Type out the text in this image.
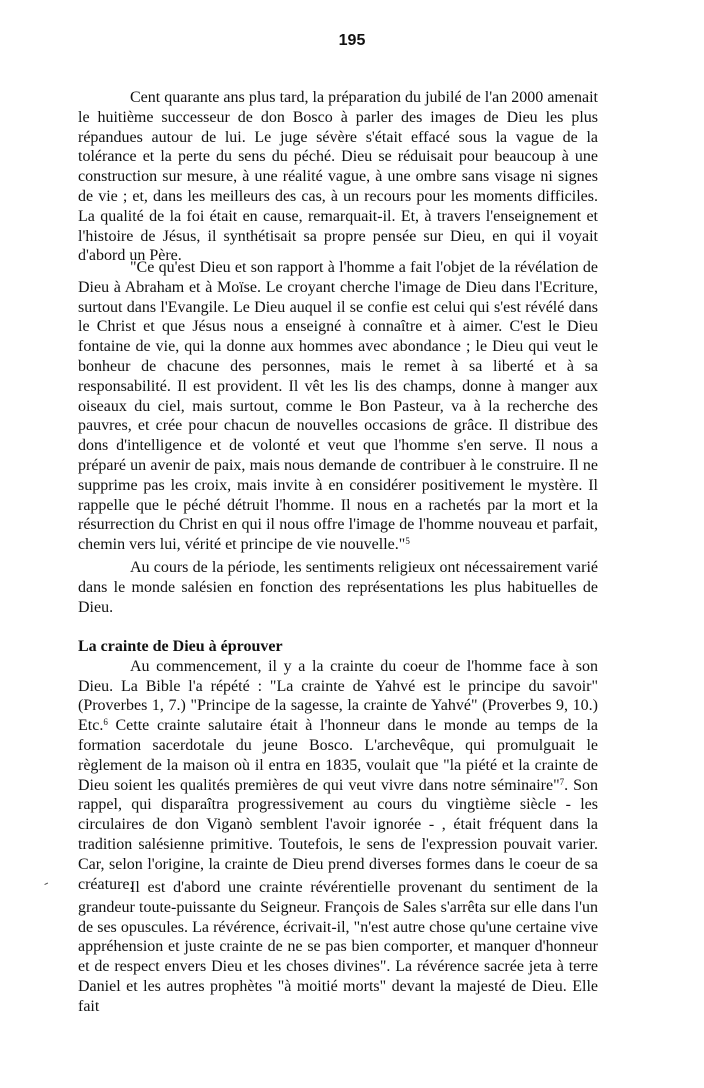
195
-

Cent quarante ans plus tard, la préparation du jubilé de l'an 2000 amenait le huitième successeur de don Bosco à parler des images de Dieu les plus répandues autour de lui. Le juge sévère s'était effacé sous la vague de la tolérance et la perte du sens du péché. Dieu se réduisait pour beaucoup à une construction sur mesure, à une réalité vague, à une ombre sans visage ni signes de vie ; et, dans les meilleurs des cas, à un recours pour les moments difficiles. La qualité de la foi était en cause, remarquait-il. Et, à travers l'enseignement et l'histoire de Jésus, il synthétisait sa propre pensée sur Dieu, en qui il voyait d'abord un Père.

"Ce qu'est Dieu et son rapport à l'homme a fait l'objet de la révélation de Dieu à Abraham et à Moïse. Le croyant cherche l'image de Dieu dans l'Ecriture, surtout dans l'Evangile. Le Dieu auquel il se confie est celui qui s'est révélé dans le Christ et que Jésus nous a enseigné à connaître et à aimer. C'est le Dieu fontaine de vie, qui la donne aux hommes avec abondance ; le Dieu qui veut le bonheur de chacune des personnes, mais le remet à sa liberté et à sa responsabilité. Il est provident. Il vêt les lis des champs, donne à manger aux oiseaux du ciel, mais surtout, comme le Bon Pasteur, va à la recherche des pauvres, et crée pour chacun de nouvelles occasions de grâce. Il distribue des dons d'intelligence et de volonté et veut que l'homme s'en serve. Il nous a préparé un avenir de paix, mais nous demande de contribuer à le construire. Il ne supprime pas les croix, mais invite à en considérer positivement le mystère. Il rappelle que le péché détruit l'homme. Il nous en a rachetés par la mort et la résurrection du Christ en qui il nous offre l'image de l'homme nouveau et parfait, chemin vers lui, vérité et principe de vie nouvelle."$^5$

Au cours de la période, les sentiments religieux ont nécessairement varié dans le monde salésien en fonction des représentations les plus habituelles de Dieu.

La crainte de Dieu à éprouver

Au commencement, il y a la crainte du coeur de l'homme face à son Dieu. La Bible l'a répété : "La crainte de Yahvé est le principe du savoir" (Proverbes 1, 7.) "Principe de la sagesse, la crainte de Yahvé" (Proverbes 9, 10.) Etc.$^6$ Cette crainte salutaire était à l'honneur dans le monde au temps de la formation sacerdotale du jeune Bosco. L'archevêque, qui promulguait le règlement de la maison où il entra en 1835, voulait que "la piété et la crainte de Dieu soient les qualités premières de qui veut vivre dans notre séminaire"$^7$. Son rappel, qui disparaîtra progressivement au cours du vingtième siècle - les circulaires de don Viganò semblent l'avoir ignorée - , était fréquent dans la tradition salésienne primitive. Toutefois, le sens de l'expression pouvait varier. Car, selon l'origine, la crainte de Dieu prend diverses formes dans le coeur de sa créature.

Il est d'abord une crainte révérentielle provenant du sentiment de la grandeur toute-puissante du Seigneur. François de Sales s'arrêta sur elle dans l'un de ses opuscules. La révérence, écrivait-il, "n'est autre chose qu'une certaine vive appréhension et juste crainte de ne se pas bien comporter, et manquer d'honneur et de respect envers Dieu et les choses divines". La révérence sacrée jeta à terre Daniel et les autres prophètes "à moitié morts" devant la majesté de Dieu. Elle fait
